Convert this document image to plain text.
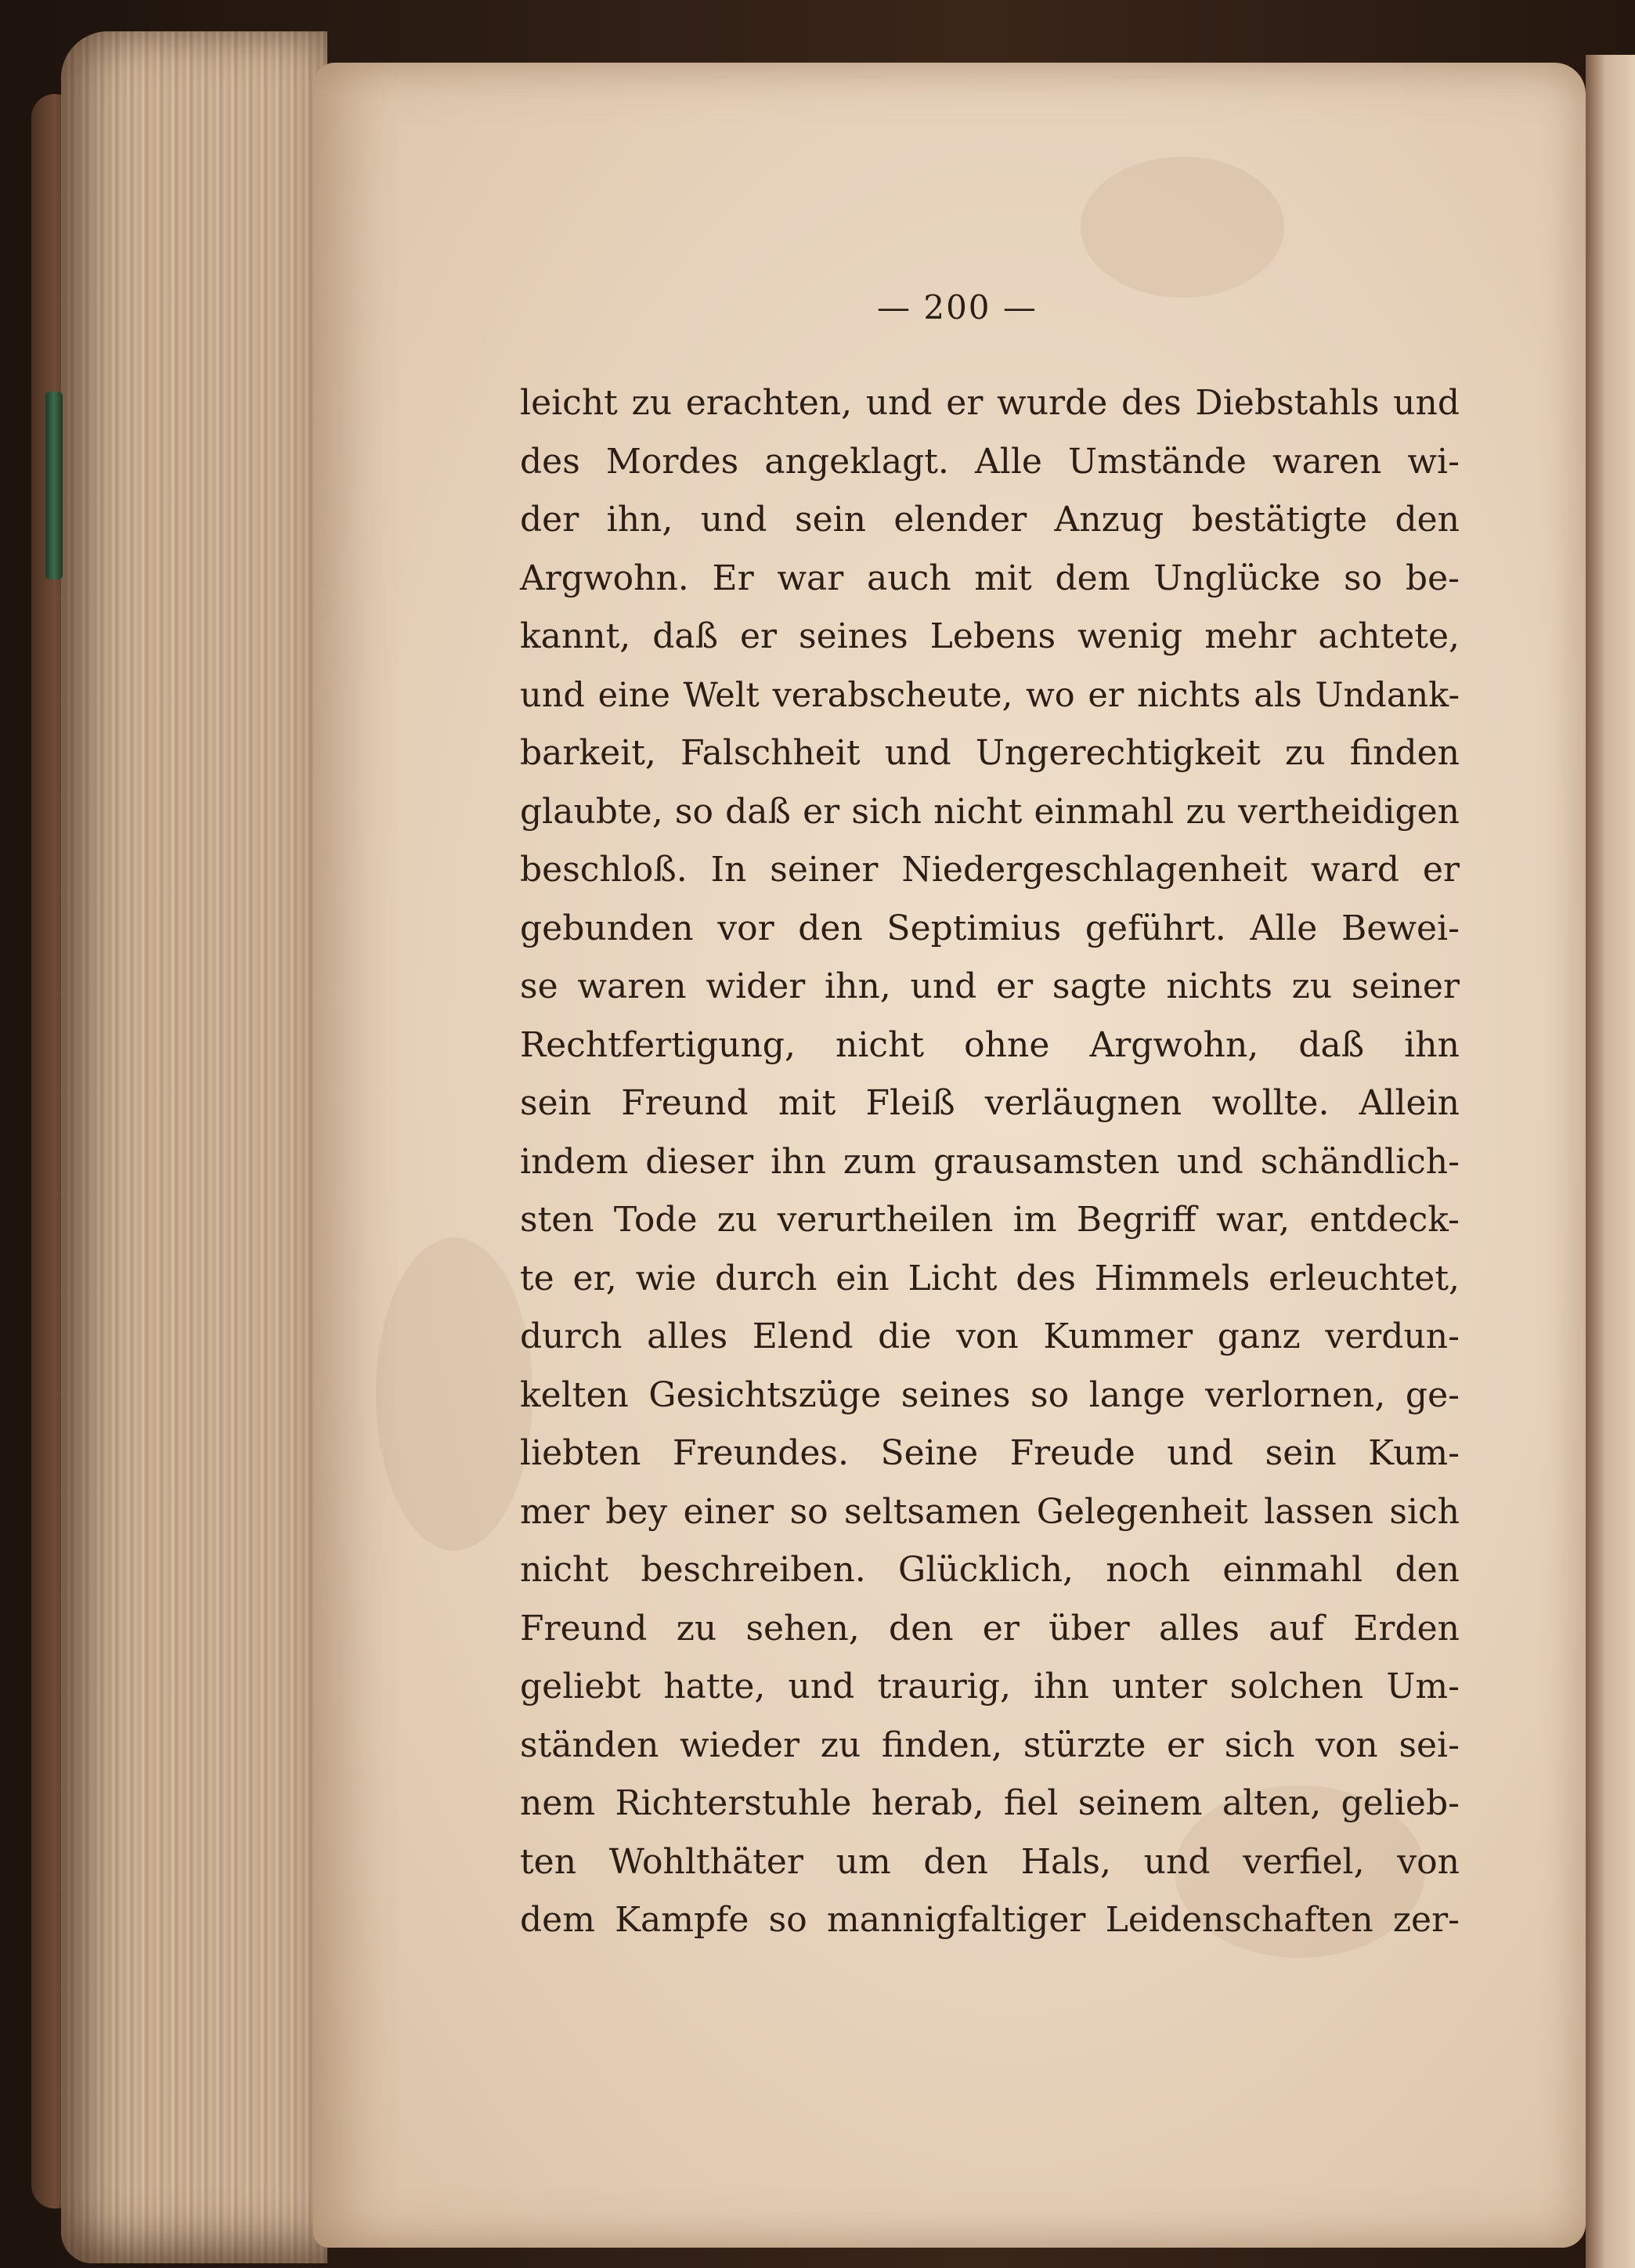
— 200 —
leicht zu erachten, und er wurde des Diebstahls und
des Mordes angeklagt. Alle Umstände waren wi-
der ihn, und sein elender Anzug bestätigte den
Argwohn. Er war auch mit dem Unglücke so be-
kannt, daß er seines Lebens wenig mehr achtete,
und eine Welt verabscheute, wo er nichts als Undank-
barkeit, Falschheit und Ungerechtigkeit zu finden
glaubte, so daß er sich nicht einmahl zu vertheidigen
beschloß. In seiner Niedergeschlagenheit ward er
gebunden vor den Septimius geführt. Alle Bewei-
se waren wider ihn, und er sagte nichts zu seiner
Rechtfertigung, nicht ohne Argwohn, daß ihn
sein Freund mit Fleiß verläugnen wollte. Allein
indem dieser ihn zum grausamsten und schändlich-
sten Tode zu verurtheilen im Begriff war, entdeck-
te er, wie durch ein Licht des Himmels erleuchtet,
durch alles Elend die von Kummer ganz verdun-
kelten Gesichtszüge seines so lange verlornen, ge-
liebten Freundes. Seine Freude und sein Kum-
mer bey einer so seltsamen Gelegenheit lassen sich
nicht beschreiben. Glücklich, noch einmahl den
Freund zu sehen, den er über alles auf Erden
geliebt hatte, und traurig, ihn unter solchen Um-
ständen wieder zu finden, stürzte er sich von sei-
nem Richterstuhle herab, fiel seinem alten, gelieb-
ten Wohlthäter um den Hals, und verfiel, von
dem Kampfe so mannigfaltiger Leidenschaften zer-
